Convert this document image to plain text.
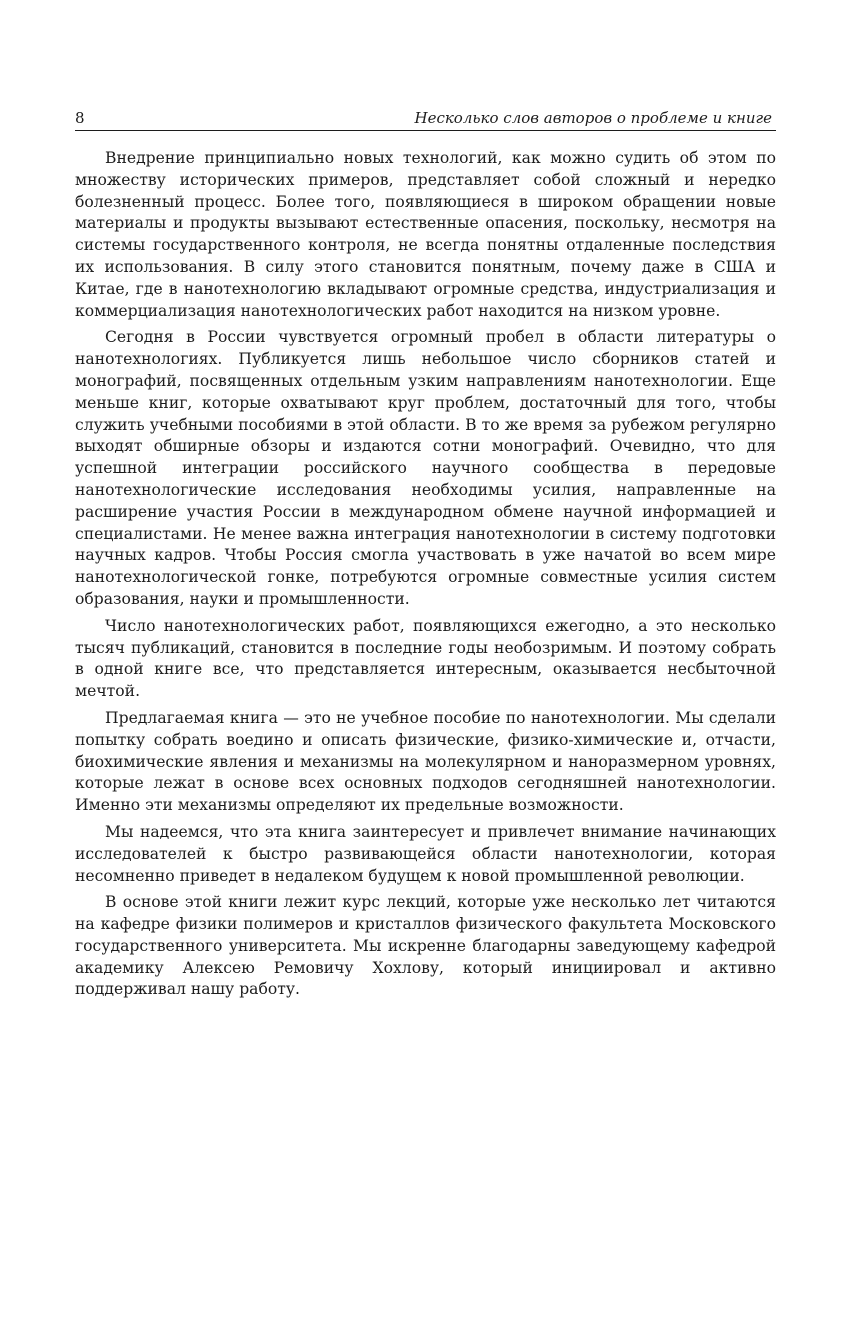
8	Несколько слов авторов о проблеме и книге

Внедрение принципиально новых технологий, как можно судить об этом по множеству исторических примеров, представляет собой сложный и нередко болезненный процесс. Более того, появляющиеся в широком обращении новые материалы и продукты вызывают естественные опасения, поскольку, несмотря на системы государственного контроля, не всегда понятны отдаленные последствия их использования. В силу этого становится понятным, почему даже в США и Китае, где в нанотехнологию вкладывают огромные средства, индустриализация и коммерциализация нанотехнологических работ находится на низком уровне.

Сегодня в России чувствуется огромный пробел в области литературы о нанотехнологиях. Публикуется лишь небольшое число сборников статей и монографий, посвященных отдельным узким направлениям нанотехнологии. Еще меньше книг, которые охватывают круг проблем, достаточный для того, чтобы служить учебными пособиями в этой области. В то же время за рубежом регулярно выходят обширные обзоры и издаются сотни монографий. Очевидно, что для успешной интеграции российского научного сообщества в передовые нанотехнологические исследования необходимы усилия, направленные на расширение участия России в международном обмене научной информацией и специалистами. Не менее важна интеграция нанотехнологии в систему подготовки научных кадров. Чтобы Россия смогла участвовать в уже начатой во всем мире нанотехнологической гонке, потребуются огромные совместные усилия систем образования, науки и промышленности.

Число нанотехнологических работ, появляющихся ежегодно, а это несколько тысяч публикаций, становится в последние годы необозримым. И поэтому собрать в одной книге все, что представляется интересным, оказывается несбыточной мечтой.

Предлагаемая книга — это не учебное пособие по нанотехнологии. Мы сделали попытку собрать воедино и описать физические, физико-химические и, отчасти, биохимические явления и механизмы на молекулярном и наноразмерном уровнях, которые лежат в основе всех основных подходов сегодняшней нанотехнологии. Именно эти механизмы определяют их предельные возможности.

Мы надеемся, что эта книга заинтересует и привлечет внимание начинающих исследователей к быстро развивающейся области нанотехнологии, которая несомненно приведет в недалеком будущем к новой промышленной революции.

В основе этой книги лежит курс лекций, которые уже несколько лет читаются на кафедре физики полимеров и кристаллов физического факультета Московского государственного университета. Мы искренне благодарны заведующему кафедрой академику Алексею Ремовичу Хохлову, который инициировал и активно поддерживал нашу работу.
